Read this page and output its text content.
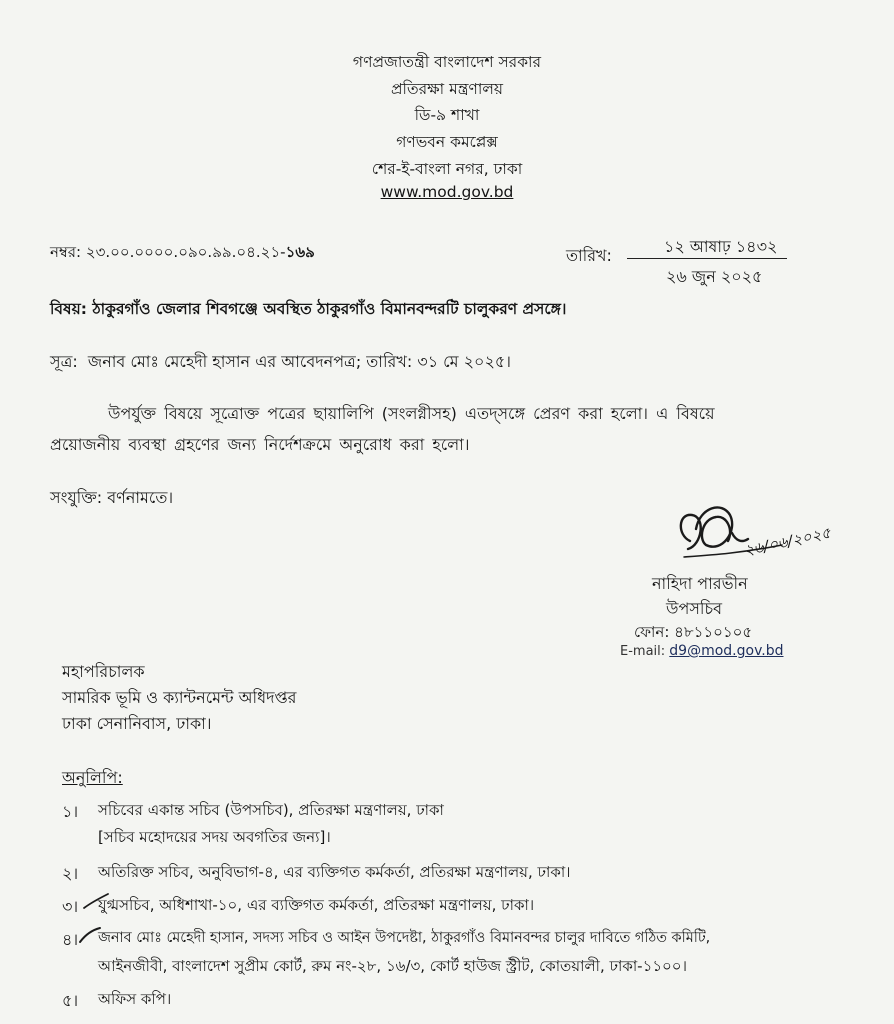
গণপ্রজাতন্ত্রী বাংলাদেশ সরকার
প্রতিরক্ষা মন্ত্রণালয়
ডি-৯ শাখা
গণভবন কমপ্লেক্স
শের-ই-বাংলা নগর, ঢাকা
www.mod.gov.bd
নম্বর: ২৩.০০.০০০০.০৯০.৯৯.০৪.২১-১৬৯	তারিখ:	১২ আষাঢ় ১৪৩২
২৬ জুন ২০২৫
বিষয়: ঠাকুরগাঁও জেলার শিবগঞ্জে অবস্থিত ঠাকুরগাঁও বিমানবন্দরটি চালুকরণ প্রসঙ্গে।
সূত্র: জনাব মোঃ মেহেদী হাসান এর আবেদনপত্র; তারিখ: ৩১ মে ২০২৫।
উপর্যুক্ত বিষয়ে সূত্রোক্ত পত্রের ছায়ালিপি (সংলগ্নীসহ) এতদ্‌সঙ্গে প্রেরণ করা হলো। এ বিষয়ে
প্রয়োজনীয় ব্যবস্থা গ্রহণের জন্য নির্দেশক্রমে অনুরোধ করা হলো।
সংযুক্তি: বর্ণনামতে।
২৬/০৬/২০২৫
নাহিদা পারভীন
উপসচিব
ফোন: ৪৮১১০১০৫
E-mail: d9@mod.gov.bd
মহাপরিচালক
সামরিক ভূমি ও ক্যান্টনমেন্ট অধিদপ্তর
ঢাকা সেনানিবাস, ঢাকা।
অনুলিপি:
১। সচিবের একান্ত সচিব (উপসচিব), প্রতিরক্ষা মন্ত্রণালয়, ঢাকা
[সচিব মহোদয়ের সদয় অবগতির জন্য]।
২। অতিরিক্ত সচিব, অনুবিভাগ-৪, এর ব্যক্তিগত কর্মকর্তা, প্রতিরক্ষা মন্ত্রণালয়, ঢাকা।
৩। যুগ্মসচিব, অধিশাখা-১০, এর ব্যক্তিগত কর্মকর্তা, প্রতিরক্ষা মন্ত্রণালয়, ঢাকা।
৪। জনাব মোঃ মেহেদী হাসান, সদস্য সচিব ও আইন উপদেষ্টা, ঠাকুরগাঁও বিমানবন্দর চালুর দাবিতে গঠিত কমিটি,
আইনজীবী, বাংলাদেশ সুপ্রীম কোর্ট, রুম নং-২৮, ১৬/৩, কোর্ট হাউজ স্ট্রীট, কোতয়ালী, ঢাকা-১১০০।
৫। অফিস কপি।
